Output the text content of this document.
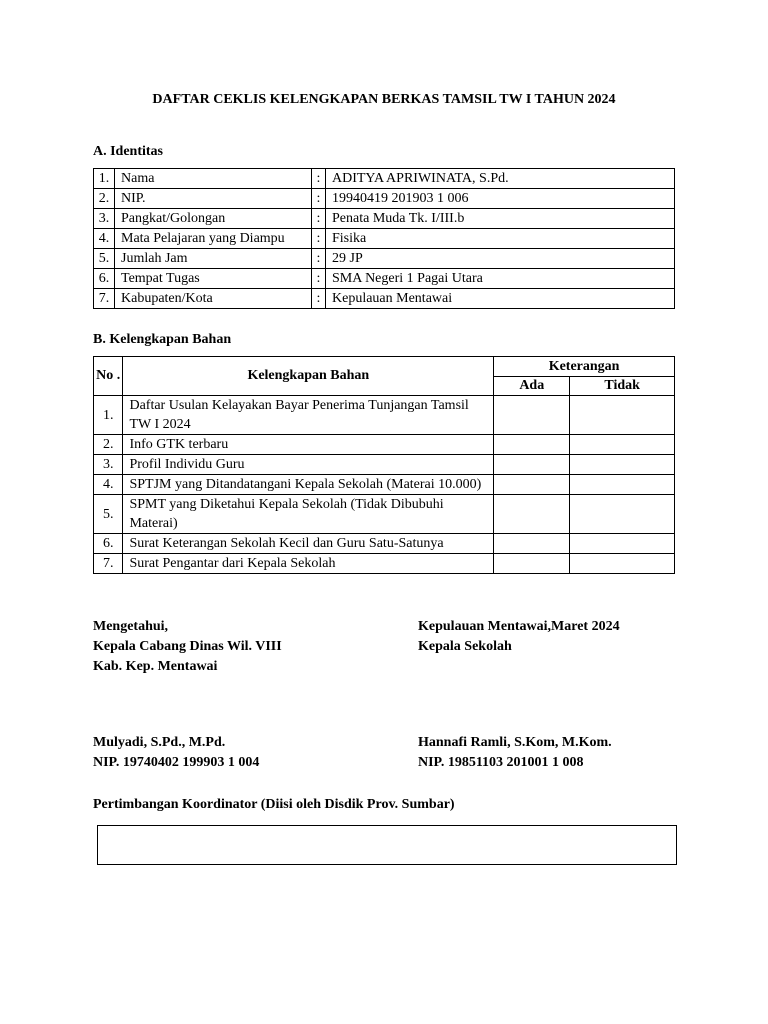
DAFTAR CEKLIS KELENGKAPAN BERKAS TAMSIL TW I TAHUN 2024
A. Identitas
1.	Nama	:	ADITYA APRIWINATA, S.Pd.
2.	NIP.	:	19940419 201903 1 006
3.	Pangkat/Golongan	:	Penata Muda Tk. I/III.b
4.	Mata Pelajaran yang Diampu	:	Fisika
5.	Jumlah Jam	:	29 JP
6.	Tempat Tugas	:	SMA Negeri 1 Pagai Utara
7.	Kabupaten/Kota	:	Kepulauan Mentawai
B. Kelengkapan Bahan
No .	Kelengkapan Bahan	Keterangan	
		Ada	Tidak
1.	Daftar Usulan Kelayakan Bayar Penerima Tunjangan Tamsil TW I 2024		
2.	Info GTK terbaru		
3.	Profil Individu Guru		
4.	SPTJM yang Ditandatangani Kepala Sekolah (Materai 10.000)		
5.	SPMT yang Diketahui Kepala Sekolah (Tidak Dibubuhi Materai)		
6.	Surat Keterangan Sekolah Kecil dan Guru Satu-Satunya		
7.	Surat Pengantar dari Kepala Sekolah		
Mengetahui,
Kepala Cabang Dinas Wil. VIII
Kab. Kep. Mentawai
Kepulauan Mentawai,Maret 2024
Kepala Sekolah
Mulyadi, S.Pd., M.Pd.
NIP. 19740402 199903 1 004
Hannafi Ramli, S.Kom, M.Kom.
NIP. 19851103 201001 1 008
Pertimbangan Koordinator (Diisi oleh Disdik Prov. Sumbar)
